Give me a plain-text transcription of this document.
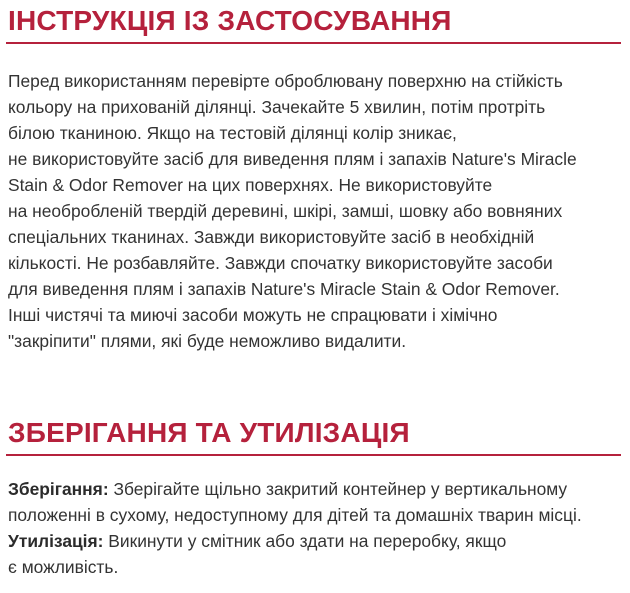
ІНСТРУКЦІЯ ІЗ ЗАСТОСУВАННЯ
Перед використанням перевірте оброблювану поверхню на стійкість
кольору на прихованій ділянці. Зачекайте 5 хвилин, потім протріть
білою тканиною. Якщо на тестовій ділянці колір зникає,
не використовуйте засіб для виведення плям і запахів Nature's Miracle
Stain & Odor Remover на цих поверхнях. Не використовуйте
на необробленій твердій деревині, шкірі, замші, шовку або вовняних
спеціальних тканинах. Завжди використовуйте засіб в необхідній
кількості. Не розбавляйте. Завжди спочатку використовуйте засоби
для виведення плям і запахів Nature's Miracle Stain & Odor Remover.
Інші чистячі та миючі засоби можуть не спрацювати і хімічно
"закріпити" плями, які буде неможливо видалити.
ЗБЕРІГАННЯ ТА УТИЛІЗАЦІЯ
Зберігання: Зберігайте щільно закритий контейнер у вертикальному
положенні в сухому, недоступному для дітей та домашніх тварин місці.
Утилізація: Викинути у смітник або здати на переробку, якщо
є можливість.
